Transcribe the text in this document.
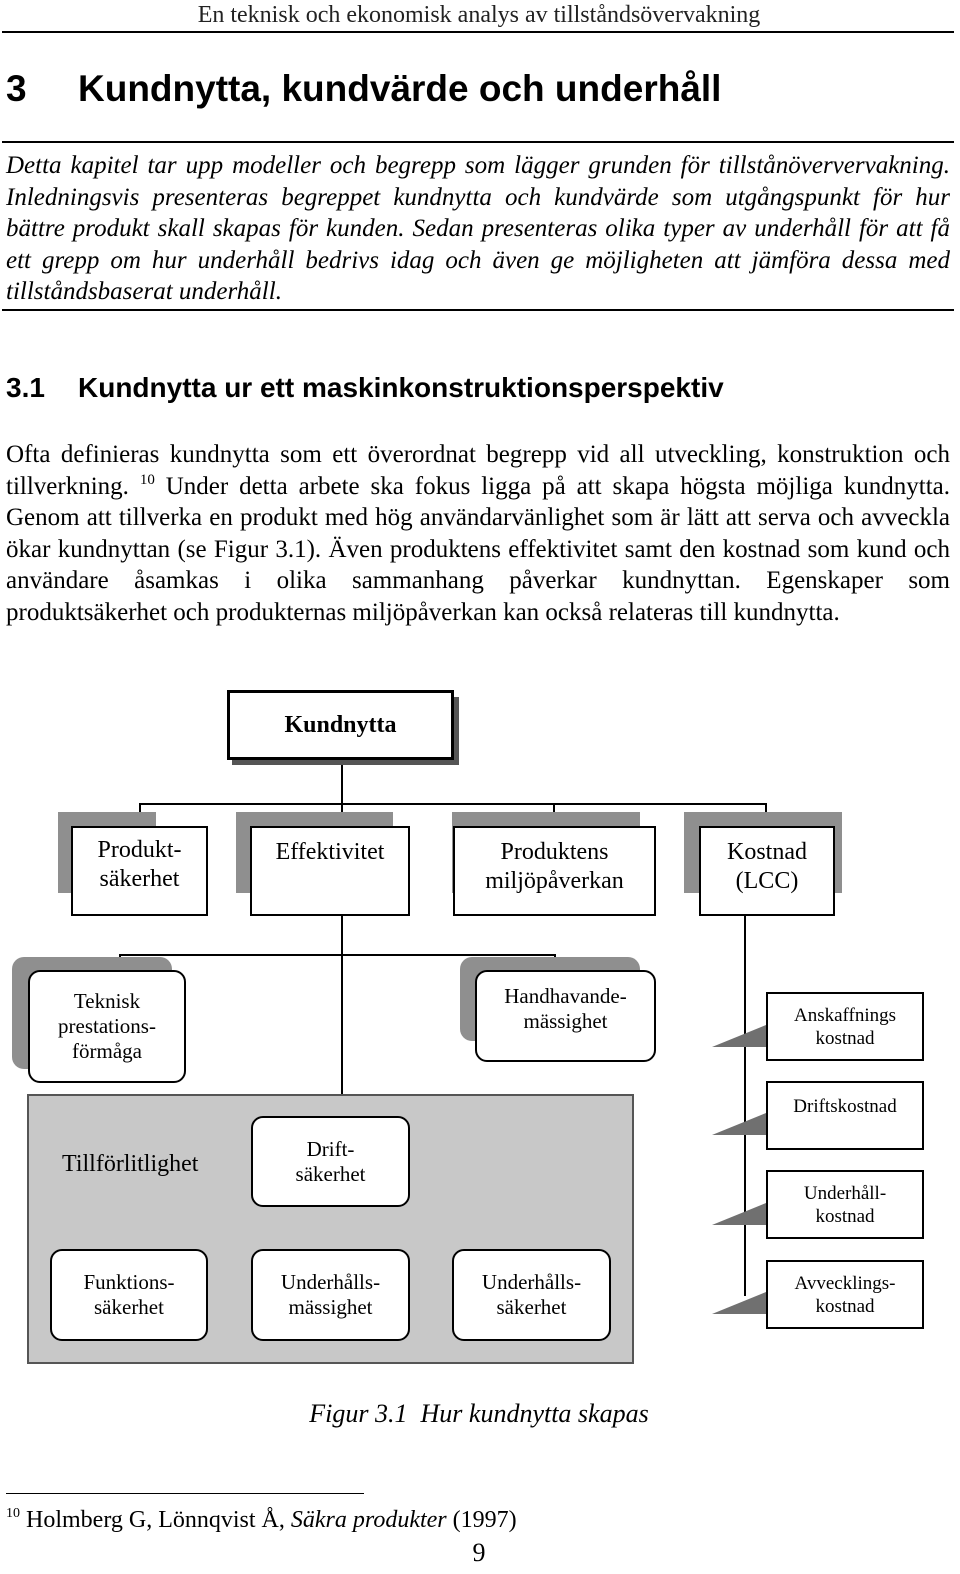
En teknisk och ekonomisk analys av tillståndsövervakning
3 Kundnytta, kundvärde och underhåll
Detta kapitel tar upp modeller och begrepp som lägger grunden för tillstånöververvakning. Inledningsvis presenteras begreppet kundnytta och kundvärde som utgångspunkt för hur bättre produkt skall skapas för kunden. Sedan presenteras olika typer av underhåll för att få ett grepp om hur underhåll bedrivs idag och även ge möjligheten att jämföra dessa med tillståndsbaserat underhåll.
3.1 Kundnytta ur ett maskinkonstruktionsperspektiv
Ofta definieras kundnytta som ett överordnat begrepp vid all utveckling, konstruktion och tillverkning. $^{10}$ Under detta arbete ska fokus ligga på att skapa högsta möjliga kundnytta. Genom att tillverka en produkt med hög användarvänlighet som är lätt att serva och avveckla ökar kundnyttan (se Figur 3.1). Även produktens effektivitet samt den kostnad som kund och användare åsamkas i olika sammanhang påverkar kundnyttan. Egenskaper som produktsäkerhet och produkternas miljöpåverkan kan också relateras till kundnytta.
Kundnytta
Produkt-
säkerhet
Effektivitet	Produktens
miljöpåverkan
Kostnad
(LCC)
Teknisk
prestations-
förmåga
Handhavande-
mässighet
Tillförlitlighet
Drift-
säkerhet
Funktions-
säkerhet
Underhålls-
mässighet
Underhålls-
säkerhet
Anskaffnings
kostnad
Driftskostnad
Underhåll-
kostnad
Avvecklings-
kostnad
Figur 3.1  Hur kundnytta skapas
$^{10}$ Holmberg G, Lönnqvist Å, Säkra produkter (1997)
9
